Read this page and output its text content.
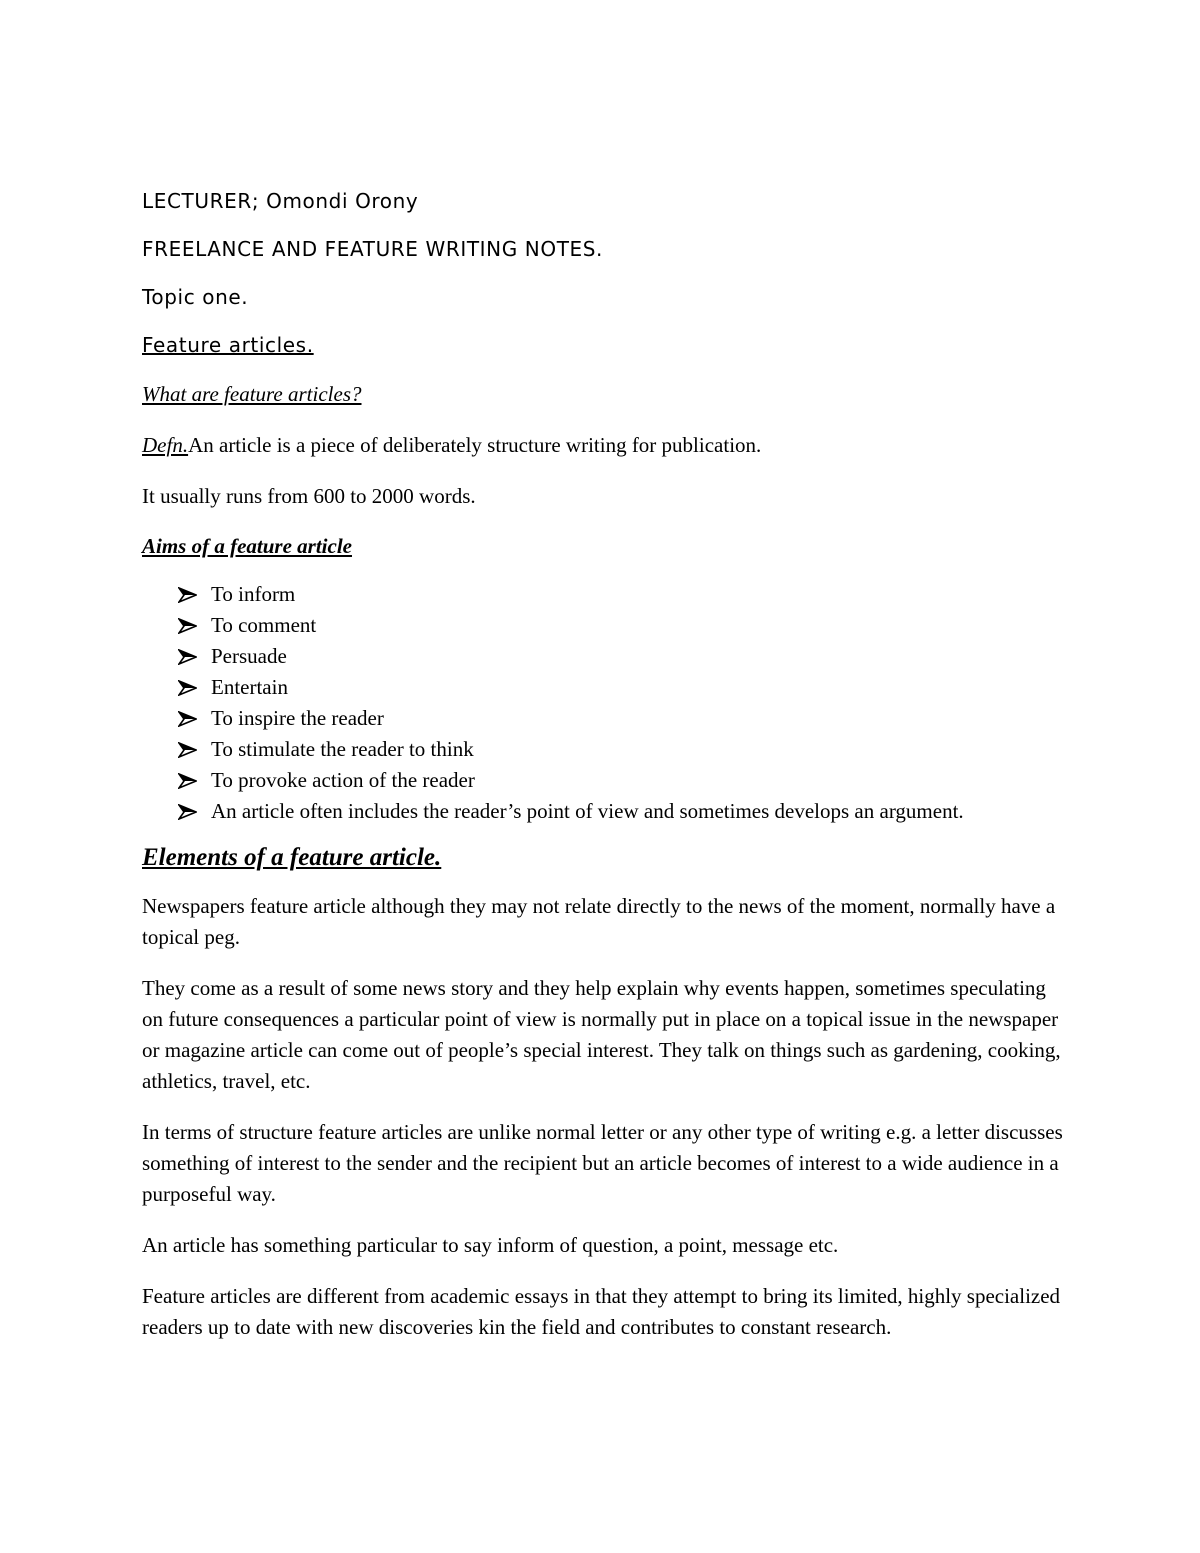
LECTURER; Omondi Orony

FREELANCE AND FEATURE WRITING NOTES.

Topic one.

Feature articles.

What are feature articles?

Defn.An article is a piece of deliberately structure writing for publication.

It usually runs from 600 to 2000 words.

Aims of a feature article

To inform
To comment
Persuade
Entertain
To inspire the reader
To stimulate the reader to think
To provoke action of the reader
An article often includes the reader’s point of view and sometimes develops an argument.

Elements of a feature article.

Newspapers feature article although they may not relate directly to the news of the moment, normally have a topical peg.

They come as a result of some news story and they help explain why events happen, sometimes speculating on future consequences a particular point of view is normally put in place on a topical issue in the newspaper or magazine article can come out of people’s special interest. They talk on things such as gardening, cooking, athletics, travel, etc.

In terms of structure feature articles are unlike normal letter or any other type of writing e.g. a letter discusses something of interest to the sender and the recipient but an article becomes of interest to a wide audience in a purposeful way.

An article has something particular to say inform of question, a point, message etc.

Feature articles are different from academic essays in that they attempt to bring its limited, highly specialized readers up to date with new discoveries kin the field and contributes to constant research.
